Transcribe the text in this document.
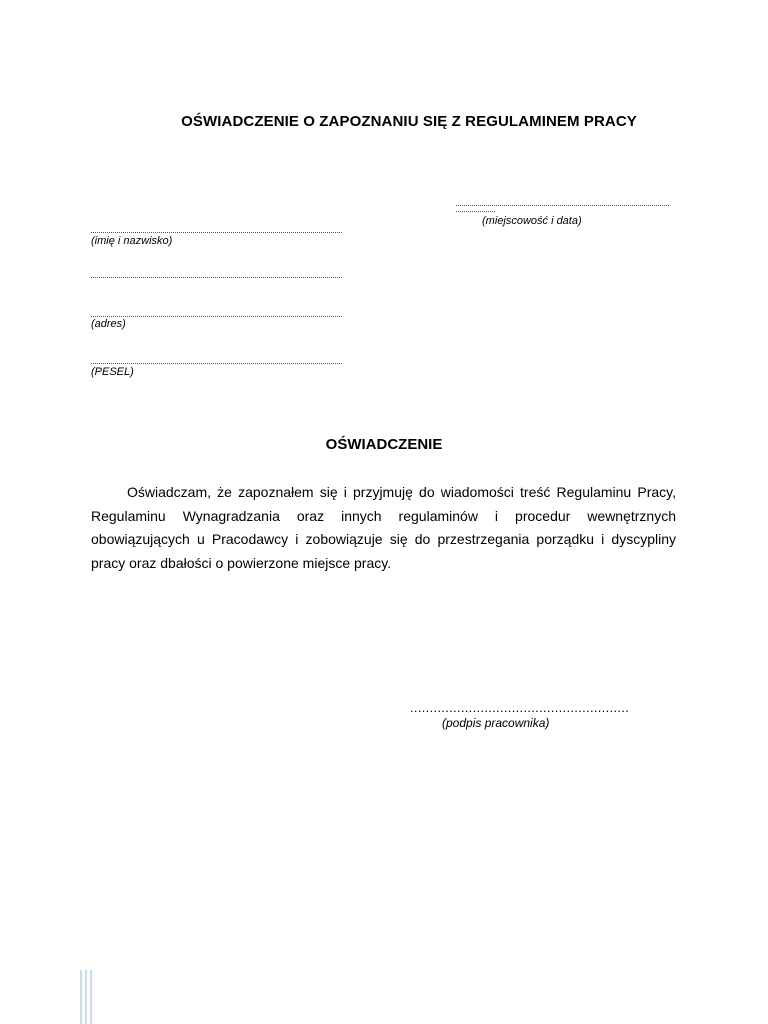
OŚWIADCZENIE O ZAPOZNANIU SIĘ Z REGULAMINEM PRACY
(miejscowość i data)
(imię i nazwisko)
(adres)
(PESEL)
OŚWIADCZENIE
Oświadczam, że zapoznałem się i przyjmuję do wiadomości treść Regulaminu Pracy, Regulaminu Wynagradzania oraz innych regulaminów i procedur wewnętrznych obowiązujących u Pracodawcy i zobowiązuje się do przestrzegania porządku i dyscypliny pracy oraz dbałości o powierzone miejsce pracy.
........................................................
(podpis pracownika)
